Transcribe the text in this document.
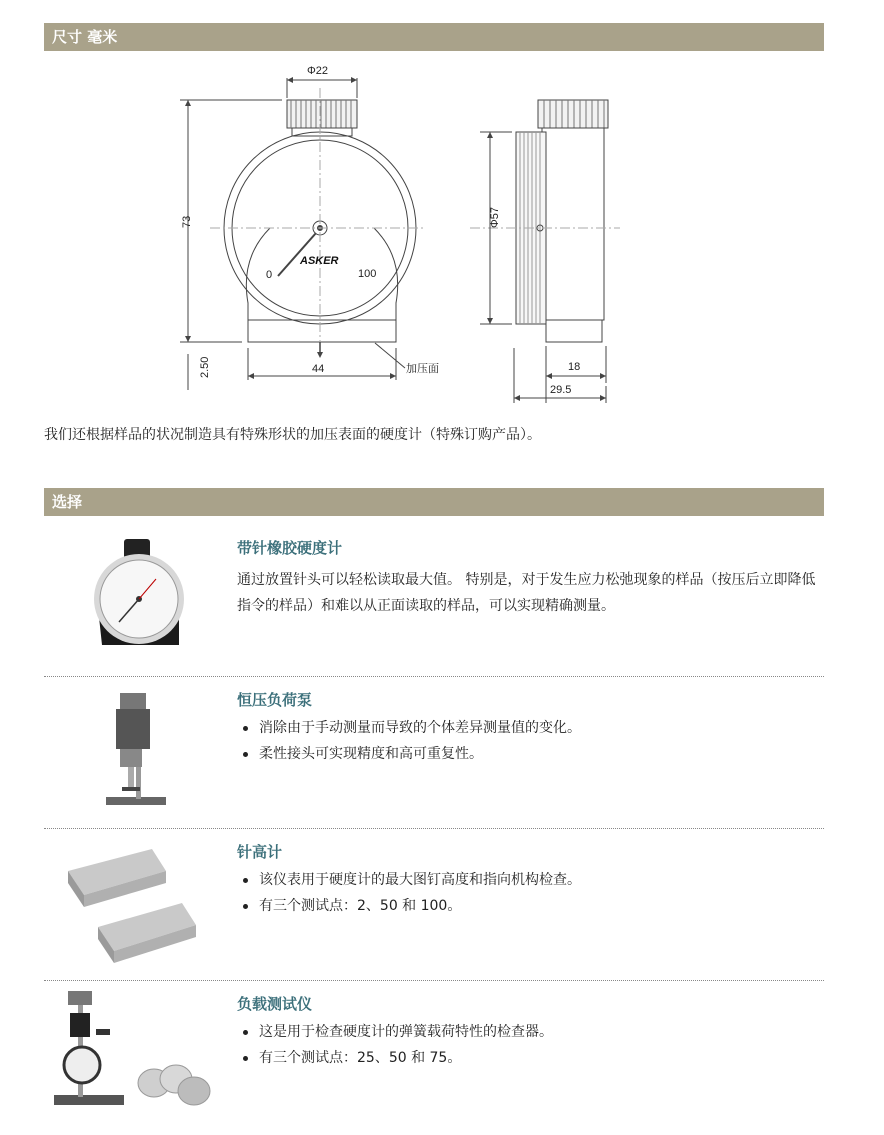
尺寸 毫米
Φ22
73
0	100
44
2.50	加压面
ASKER
Φ57
18
29.5
我们还根据样品的状况制造具有特殊形状的加压表面的硬度计（特殊订购产品）。
选择
带针橡胶硬度计
通过放置针头可以轻松读取最大值。 特别是，对于发生应力松弛现象的样品（按压后立即降低指令的样品）和难以从正面读取的样品，可以实现精确测量。
恒压负荷泵
消除由于手动测量而导致的个体差异测量值的变化。
柔性接头可实现精度和高可重复性。
针高计
该仪表用于硬度计的最大图钉高度和指向机构检查。
有三个测试点：2、50 和 100。
负载测试仪
这是用于检查硬度计的弹簧载荷特性的检查器。
有三个测试点：25、50 和 75。
